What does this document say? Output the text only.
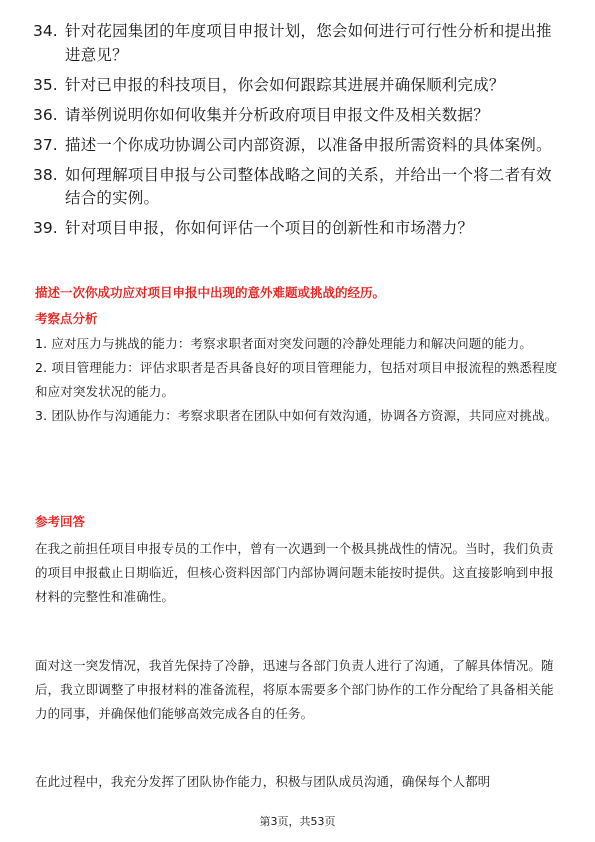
34. 针对花园集团的年度项目申报计划，您会如何进行可行性分析和提出推进意见？
35. 针对已申报的科技项目，你会如何跟踪其进展并确保顺利完成？
36. 请举例说明你如何收集并分析政府项目申报文件及相关数据？
37. 描述一个你成功协调公司内部资源，以准备申报所需资料的具体案例。
38. 如何理解项目申报与公司整体战略之间的关系，并给出一个将二者有效结合的实例。
39. 针对项目申报，你如何评估一个项目的创新性和市场潜力？
描述一次你成功应对项目申报中出现的意外难题或挑战的经历。
考察点分析

1. 应对压力与挑战的能力：考察求职者面对突发问题的冷静处理能力和解决问题的能力。

2. 项目管理能力：评估求职者是否具备良好的项目管理能力，包括对项目申报流程的熟悉程度和应对突发状况的能力。

3. 团队协作与沟通能力：考察求职者在团队中如何有效沟通，协调各方资源，共同应对挑战。

参考回答

在我之前担任项目申报专员的工作中，曾有一次遇到一个极具挑战性的情况。当时，我们负责的项目申报截止日期临近，但核心资料因部门内部协调问题未能按时提供。这直接影响到申报材料的完整性和准确性。

面对这一突发情况，我首先保持了冷静，迅速与各部门负责人进行了沟通，了解具体情况。随后，我立即调整了申报材料的准备流程，将原本需要多个部门协作的工作分配给了具备相关能力的同事，并确保他们能够高效完成各自的任务。

在此过程中，我充分发挥了团队协作能力，积极与团队成员沟通，确保每个人都明

第3页，共53页
